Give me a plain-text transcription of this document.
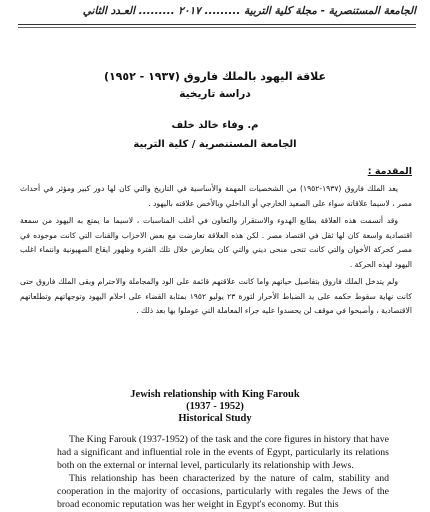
الجامعة المستنصرية - مجلة كلية التربية ......... ٢٠١٧ ......... العـدد الثاني
علاقة اليهود بالملك فاروق (١٩٣٧ - ١٩٥٢)
دراسة تاريخية
م. وفاء خالد خلف
الجامعة المستنصرية / كلية التربية
المقدمة :

يعد الملك فاروق (١٩٣٧-١٩٥٢) من الشخصيات المهمة والأساسية في التاريخ والتي كان لها دور كبير ومؤثر في أحداث مصر ، لاسيما علاقاته سواء على الصعيد الخارجي أو الداخلي وبالأخص علاقته باليهود .

وقد أتسمت هذه العلاقة بطابع الهدوء والاستقرار والتعاون في أغلب المناسبات ، لاسيما ما يمتع به اليهود من سمعة اقتصادية واسعة كان لها ثقل في اقتصاد مصر . لكن هذه العلاقة تعارضت مع بعض الاحزاب والقنات التي كانت موجوده في مصر كحركة الأخوان والتي كانت تتحى منحى ديني والتي كان يتعارض خلال تلك الفترة وظهور ايقاع الصهيونية وانتماء اغلب اليهود لهذه الحركة .

ولم يتدخل الملك فاروق بتفاصيل حياتهم واما كانت علاقتهم قائمة على الود والمجاملة والاحترام وبقى الملك فاروق حتى كانت نهاية سقوط حكمه على يد الضباط الأحرار لثورة ٢٣ يوليو ١٩٥٢ بمثابة القضاء على احلام اليهود وتوجهاتهم وتطلعاتهم الاقتصادية ، وأصبحوا في موقف لن يحسدوا عليه جراء المعاملة التي عوملوا بها بعد ذلك .

Jewish relationship with King Farouk
(1937 - 1952)
Historical Study

The King Farouk (1937-1952) of the task and the core figures in history that have had a significant and influential role in the events of Egypt, particularly its relations both on the external or internal level, particularly its relationship with Jews.

This relationship has been characterized by the nature of calm, stability and cooperation in the majority of occasions, particularly with regales the Jews of the broad economic reputation was her weight in Egypt's economy. But this
